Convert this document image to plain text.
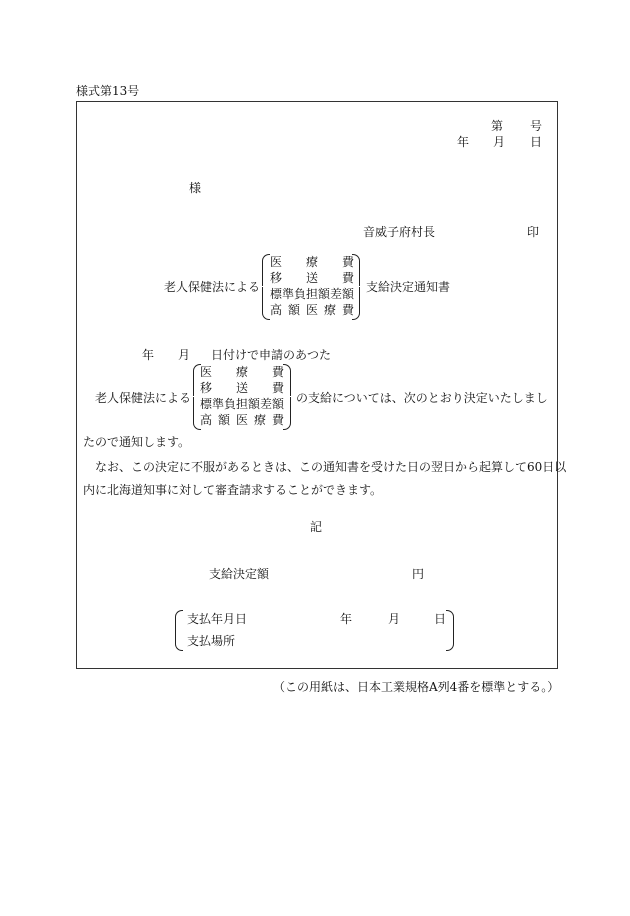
様式第13号
第 号
年 月 日
様
音威子府村長	印
老人保健法による
医 療 費
移 送 費
標準負担額差額
高 額 医 療 費
支給決定通知書
年 月 日付けで申請のあつた
老人保健法による
医 療 費
移 送 費
標準負担額差額
高 額 医 療 費
の支給については、次のとおり決定いたしまし
たので通知します。
なお、この決定に不服があるときは、この通知書を受けた日の翌日から起算して60日以
内に北海道知事に対して審査請求することができます。
記
支給決定額	円
支払年月日	年	月	日
支払場所
（この用紙は、日本工業規格A列4番を標準とする。）
